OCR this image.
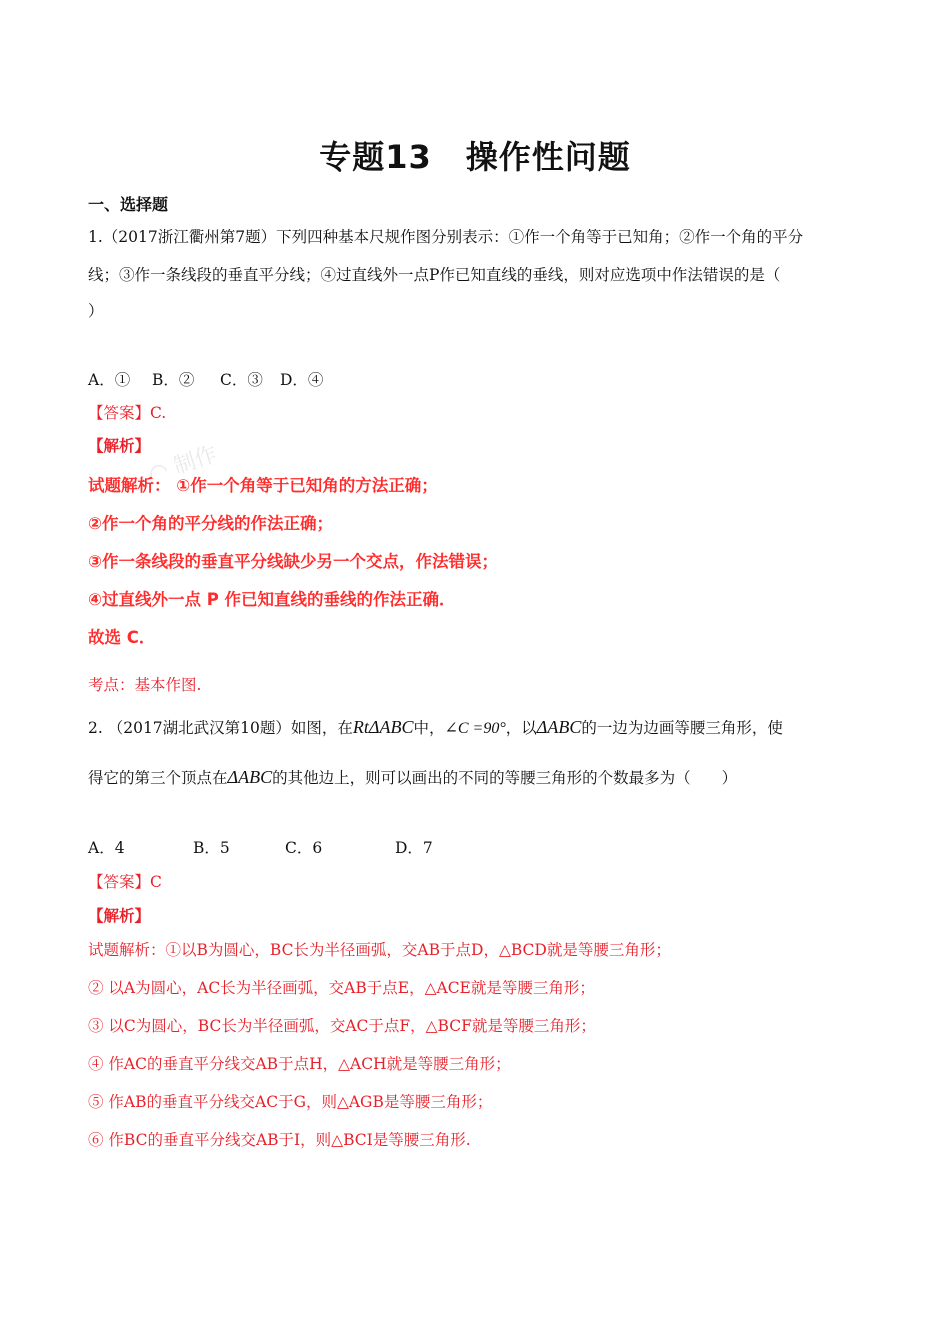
◠ 制作
专题13 操作性问题
一、选择题
1.（2017浙江衢州第7题）下列四种基本尺规作图分别表示：①作一个角等于已知角；②作一个角的平分
线；③作一条线段的垂直平分线；④过直线外一点P作已知直线的垂线，则对应选项中作法错误的是（
）
A．① B．② C．③ D．④
【答案】C.
【解析】
试题解析： ①作一个角等于已知角的方法正确；
②作一个角的平分线的作法正确；
③作一条线段的垂直平分线缺少另一个交点，作法错误；
④过直线外一点 P 作已知直线的垂线的作法正确．
故选 C．
考点：基本作图.
2. （2017湖北武汉第10题）如图，在RtΔABC中，∠C =90°，以ΔABC的一边为边画等腰三角形，使
得它的第三个顶点在ΔABC的其他边上，则可以画出的不同的等腰三角形的个数最多为（　　）
A．4	B．5	C．6	D．7
【答案】C
【解析】
试题解析：①以B为圆心，BC长为半径画弧，交AB于点D，△BCD就是等腰三角形；
② 以A为圆心，AC长为半径画弧，交AB于点E，△ACE就是等腰三角形；
③ 以C为圆心，BC长为半径画弧，交AC于点F，△BCF就是等腰三角形；
④ 作AC的垂直平分线交AB于点H，△ACH就是等腰三角形；
⑤ 作AB的垂直平分线交AC于G，则△AGB是等腰三角形；
⑥ 作BC的垂直平分线交AB于I，则△BCI是等腰三角形.
